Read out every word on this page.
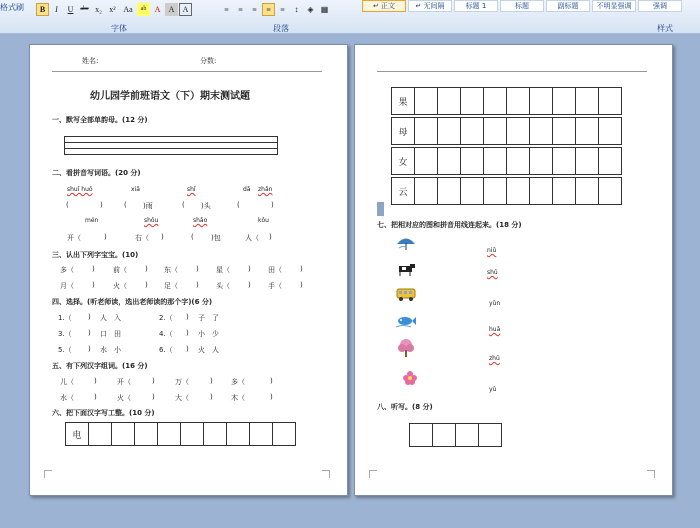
格式刷	B	I	U	abe x₂ x² Aa	ab	A	A	A	≡	≡	≡	≡	≡	↕	◈ ▦
字体	段落	样式
↵ 正文	↵ 无间隔	标题 1	标题	副标题	不明显强调	强调
姓名:	分数:
幼儿园学前班语文（下）期末测试题
一、默写全部单韵母。(12 分)
二、看拼音写词语。(20 分)
shuǐ huǒ	xiǎ	shǐ	dǎ zhǎn
(	)	( )雨	( )头	(	)
mén	shǒu	shǎo	kǒu
开（	)	右（ )	( )包	人（ )
三、认出下列字宝宝。(10)
多（	)	前（	) 东（	) 星（	) 田（	)
月（	)	火（	) 足（	) 头（	) 手（	)
四、选择。(听老师读，选出老师读的那个字)(6 分)
1.（ ) 人 入	2.（ ) 子 了
3.（ ) 口 田	4.（ ) 小 少
5.（ ) 水 小	6.（ ) 火 人
五、有下列汉字组词。(16 分)
儿（	)	开（	)	万（	)	多（	)
水（	)	火（	)	大（	)	木（	)
六、把下面汉字写工整。(10 分)
电
果
母
女
云
七、把相对应的图和拼音用线连起来。(18 分)
niǔ
shǔ
yǔn
huǎ
zhǔ
yǔ
八、听写。(8 分)
